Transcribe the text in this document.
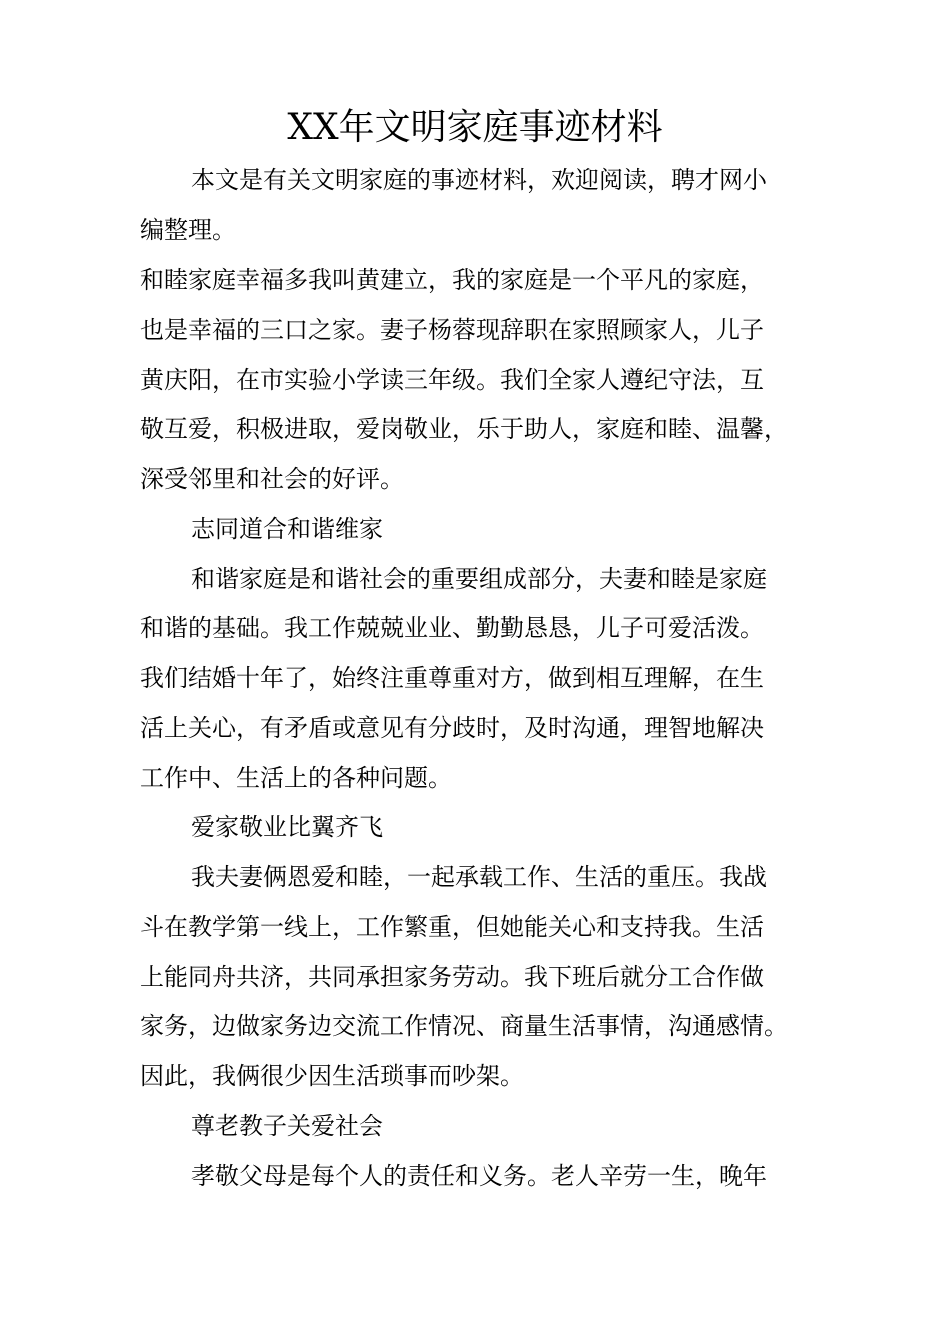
XX年文明家庭事迹材料

本文是有关文明家庭的事迹材料，欢迎阅读，聘才网小

编整理。

和睦家庭幸福多我叫黄建立，我的家庭是一个平凡的家庭，

也是幸福的三口之家。妻子杨蓉现辞职在家照顾家人，儿子

黄庆阳，在市实验小学读三年级。我们全家人遵纪守法，互

敬互爱，积极进取，爱岗敬业，乐于助人，家庭和睦、温馨，

深受邻里和社会的好评。

志同道合和谐维家

和谐家庭是和谐社会的重要组成部分，夫妻和睦是家庭

和谐的基础。我工作兢兢业业、勤勤恳恳，儿子可爱活泼。

我们结婚十年了，始终注重尊重对方，做到相互理解，在生

活上关心，有矛盾或意见有分歧时，及时沟通，理智地解决

工作中、生活上的各种问题。

爱家敬业比翼齐飞

我夫妻俩恩爱和睦，一起承载工作、生活的重压。我战

斗在教学第一线上，工作繁重，但她能关心和支持我。生活

上能同舟共济，共同承担家务劳动。我下班后就分工合作做

家务，边做家务边交流工作情况、商量生活事情，沟通感情。

因此，我俩很少因生活琐事而吵架。

尊老教子关爱社会

孝敬父母是每个人的责任和义务。老人辛劳一生，晚年
